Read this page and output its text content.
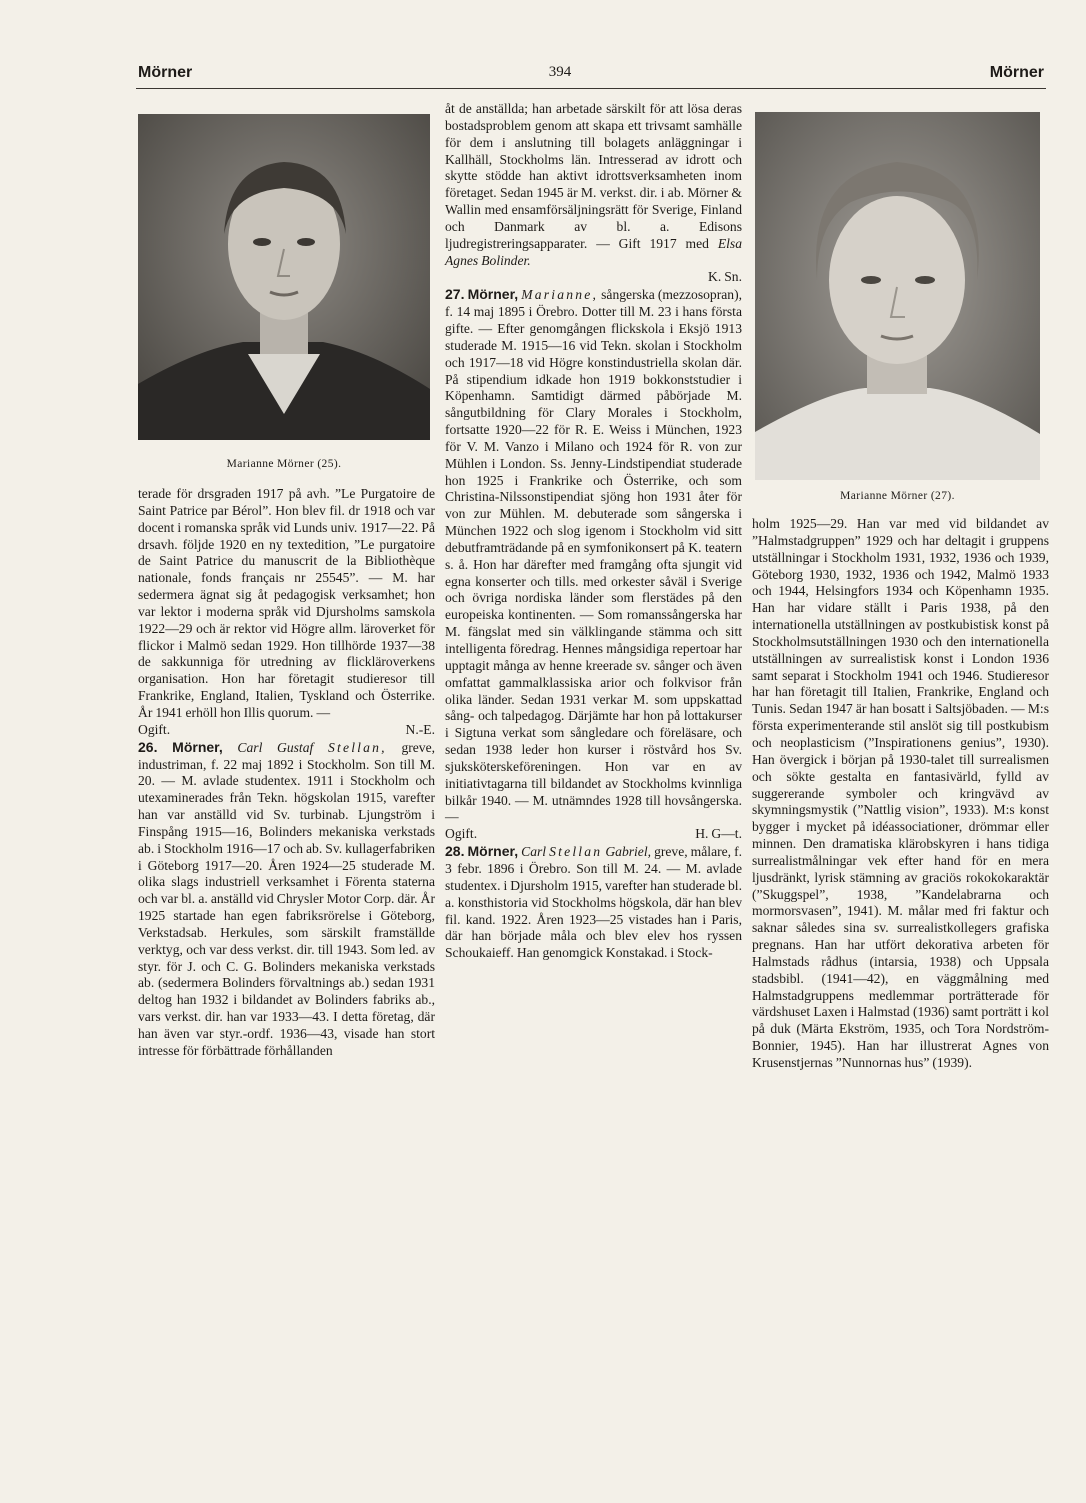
Mörner	394	Mörner
Marianne Mörner (25).
Marianne Mörner (27).

terade för drsgraden 1917 på avh. ”Le Purgatoire de Saint Patrice par Bérol”. Hon blev fil. dr 1918 och var docent i romanska språk vid Lunds univ. 1917—22. På drsavh. följde 1920 en ny textedition, ”Le purgatoire de Saint Patrice du manuscrit de la Bibliothèque nationale, fonds français nr 25545”. — M. har sedermera ägnat sig åt pedagogisk verksamhet; hon var lektor i moderna språk vid Djursholms samskola 1922—29 och är rektor vid Högre allm. läroverket för flickor i Malmö sedan 1929. Hon tillhörde 1937—38 de sakkunniga för utredning av flickläroverkens organisation. Hon har företagit studieresor till Frankrike, England, Italien, Tyskland och Österrike. År 1941 erhöll hon Illis quorum. —

Ogift.	N.-E.

26. Mörner, Carl Gustaf Stellan, greve, industriman, f. 22 maj 1892 i Stockholm. Son till M. 20. — M. avlade studentex. 1911 i Stockholm och utexaminerades från Tekn. högskolan 1915, varefter han var anställd vid Sv. turbinab. Ljungström i Finspång 1915—16, Bolinders mekaniska verkstads ab. i Stockholm 1916—17 och ab. Sv. kullagerfabriken i Göteborg 1917—20. Åren 1924—25 studerade M. olika slags industriell verksamhet i Förenta staterna och var bl. a. anställd vid Chrysler Motor Corp. där. År 1925 startade han egen fabriksrörelse i Göteborg, Verkstadsab. Herkules, som särskilt framställde verktyg, och var dess verkst. dir. till 1943. Som led. av styr. för J. och C. G. Bolinders mekaniska verkstads ab. (sedermera Bolinders förvaltnings ab.) sedan 1931 deltog han 1932 i bildandet av Bolinders fabriks ab., vars verkst. dir. han var 1933—43. I detta företag, där han även var styr.-ordf. 1936—43, visade han stort intresse för förbättrade förhållanden

åt de anställda; han arbetade särskilt för att lösa deras bostadsproblem genom att skapa ett trivsamt samhälle för dem i anslutning till bolagets anläggningar i Kallhäll, Stockholms län. Intresserad av idrott och skytte stödde han aktivt idrottsverksamheten inom företaget. Sedan 1945 är M. verkst. dir. i ab. Mörner & Wallin med ensamförsäljningsrätt för Sverige, Finland och Danmark av bl. a. Edisons ljudregistreringsapparater. — Gift 1917 med Elsa Agnes Bolinder.

K. Sn.

27. Mörner, Marianne, sångerska (mezzosopran), f. 14 maj 1895 i Örebro. Dotter till M. 23 i hans första gifte. — Efter genomgången flickskola i Eksjö 1913 studerade M. 1915—16 vid Tekn. skolan i Stockholm och 1917—18 vid Högre konstindustriella skolan där. På stipendium idkade hon 1919 bokkonststudier i Köpenhamn. Samtidigt därmed påbörjade M. sångutbildning för Clary Morales i Stockholm, fortsatte 1920—22 för R. E. Weiss i München, 1923 för V. M. Vanzo i Milano och 1924 för R. von zur Mühlen i London. Ss. Jenny-Lindstipendiat studerade hon 1925 i Frankrike och Österrike, och som Christina-Nilssonstipendiat sjöng hon 1931 åter för von zur Mühlen. M. debuterade som sångerska i München 1922 och slog igenom i Stockholm vid sitt debutframträdande på en symfonikonsert på K. teatern s. å. Hon har därefter med framgång ofta sjungit vid egna konserter och tills. med orkester såväl i Sverige och övriga nordiska länder som flerstädes på den europeiska kontinenten. — Som romanssångerska har M. fängslat med sin välklingande stämma och sitt intelligenta föredrag. Hennes mångsidiga repertoar har upptagit många av henne kreerade sv. sånger och även omfattat gammalklassiska arior och folkvisor från olika länder. Sedan 1931 verkar M. som uppskattad sång- och talpedagog. Därjämte har hon på lottakurser i Sigtuna verkat som sångledare och föreläsare, och sedan 1938 leder hon kurser i röstvård hos Sv. sjuksköterskeföreningen. Hon var en av initiativtagarna till bildandet av Stockholms kvinnliga bilkår 1940. — M. utnämndes 1928 till hovsångerska. —

Ogift.	H. G—t.

28. Mörner, Carl Stellan Gabriel, greve, målare, f. 3 febr. 1896 i Örebro. Son till M. 24. — M. avlade studentex. i Djursholm 1915, varefter han studerade bl. a. konsthistoria vid Stockholms högskola, där han blev fil. kand. 1922. Åren 1923—25 vistades han i Paris, där han började måla och blev elev hos ryssen Schoukaieff. Han genomgick Konstakad. i Stock-

holm 1925—29. Han var med vid bildandet av ”Halmstadgruppen” 1929 och har deltagit i gruppens utställningar i Stockholm 1931, 1932, 1936 och 1939, Göteborg 1930, 1932, 1936 och 1942, Malmö 1933 och 1944, Helsingfors 1934 och Köpenhamn 1935. Han har vidare ställt i Paris 1938, på den internationella utställningen av postkubistisk konst på Stockholmsutställningen 1930 och den internationella utställningen av surrealistisk konst i London 1936 samt separat i Stockholm 1941 och 1946. Studieresor har han företagit till Italien, Frankrike, England och Tunis. Sedan 1947 är han bosatt i Saltsjöbaden. — M:s första experimenterande stil anslöt sig till postkubism och neoplasticism (”Inspirationens genius”, 1930). Han övergick i början på 1930-talet till surrealismen och sökte gestalta en fantasivärld, fylld av suggererande symboler och kringvävd av skymningsmystik (”Nattlig vision”, 1933). M:s konst bygger i mycket på idéassociationer, drömmar eller minnen. Den dramatiska klärobskyren i hans tidiga surrealistmålningar vek efter hand för en mera ljusdränkt, lyrisk stämning av graciös rokokokaraktär (”Skuggspel”, 1938, ”Kandelabrarna och mormorsvasen”, 1941). M. målar med fri faktur och saknar således sina sv. surrealistkollegers grafiska pregnans. Han har utfört dekorativa arbeten för Halmstads rådhus (intarsia, 1938) och Uppsala stadsbibl. (1941—42), en väggmålning med Halmstadgruppens medlemmar porträtterade för värdshuset Laxen i Halmstad (1936) samt porträtt i kol på duk (Märta Ekström, 1935, och Tora Nordström-Bonnier, 1945). Han har illustrerat Agnes von Krusenstjernas ”Nunnornas hus” (1939).
